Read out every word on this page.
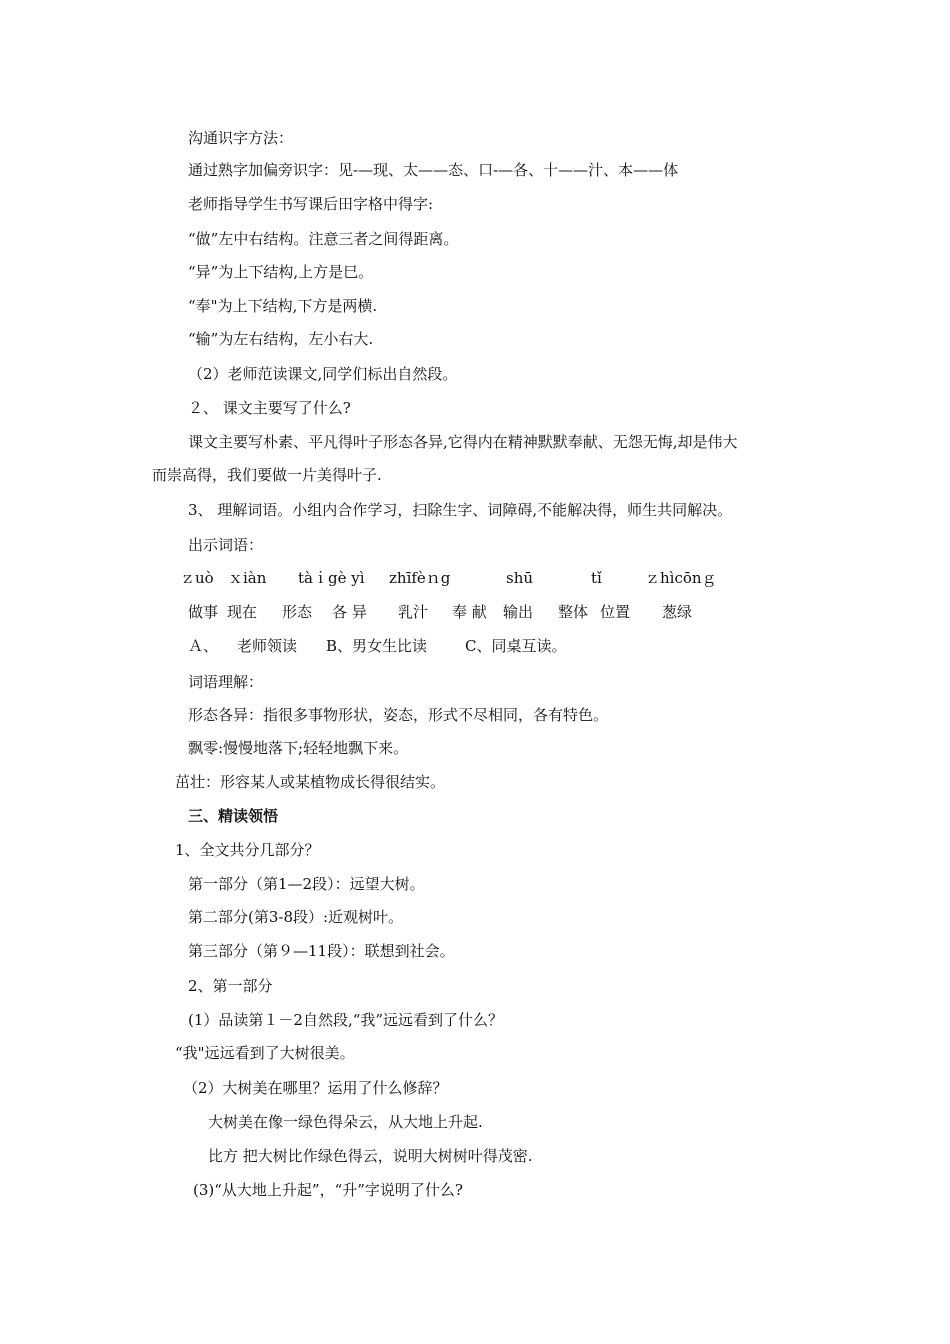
沟通识字方法：
通过熟字加偏旁识字：见-—现、太——态、口-—各、十——汁、本——体
老师指导学生书写课后田字格中得字:
“做”左中右结构。注意三者之间得距离。
“异”为上下结构,上方是巳。
“奉"为上下结构,下方是两横.
“输”为左右结构，左小右大.
（2）老师范读课文,同学们标出自然段。
２、 课文主要写了什么?
课文主要写朴素、平凡得叶子形态各异,它得内在精神默默奉献、无怨无悔,却是伟大
而崇高得，我们要做一片美得叶子.
3、 理解词语。小组内合作学习，扫除生字、词障碍,不能解决得，师生共同解决。
出示词语：
ｚuò ｘiàn tàｉgè yì zhīfèｎg	shū	tǐ	ｚhìcōnｇ
做事 现在 形态 各 异 乳汁 奉 献 输出 整体 位置 葱绿
Ａ、 老师领读 B、男女生比读	C、同桌互读。
词语理解：
形态各异：指很多事物形状，姿态，形式不尽相同，各有特色。
飘零:慢慢地落下;轻轻地飘下来。
茁壮：形容某人或某植物成长得很结实。
三、精读领悟
1、全文共分几部分？
第一部分（第1—2段）：远望大树。
第二部分(第3-8段）:近观树叶。
第三部分（第９—11段）：联想到社会。
2、第一部分
(1）品读第１－2自然段,“我”远远看到了什么？
“我"远远看到了大树很美。
（2）大树美在哪里？运用了什么修辞？
大树美在像一绿色得朵云，从大地上升起.
比方 把大树比作绿色得云，说明大树树叶得茂密.
(3)“从大地上升起”，“升”字说明了什么?
